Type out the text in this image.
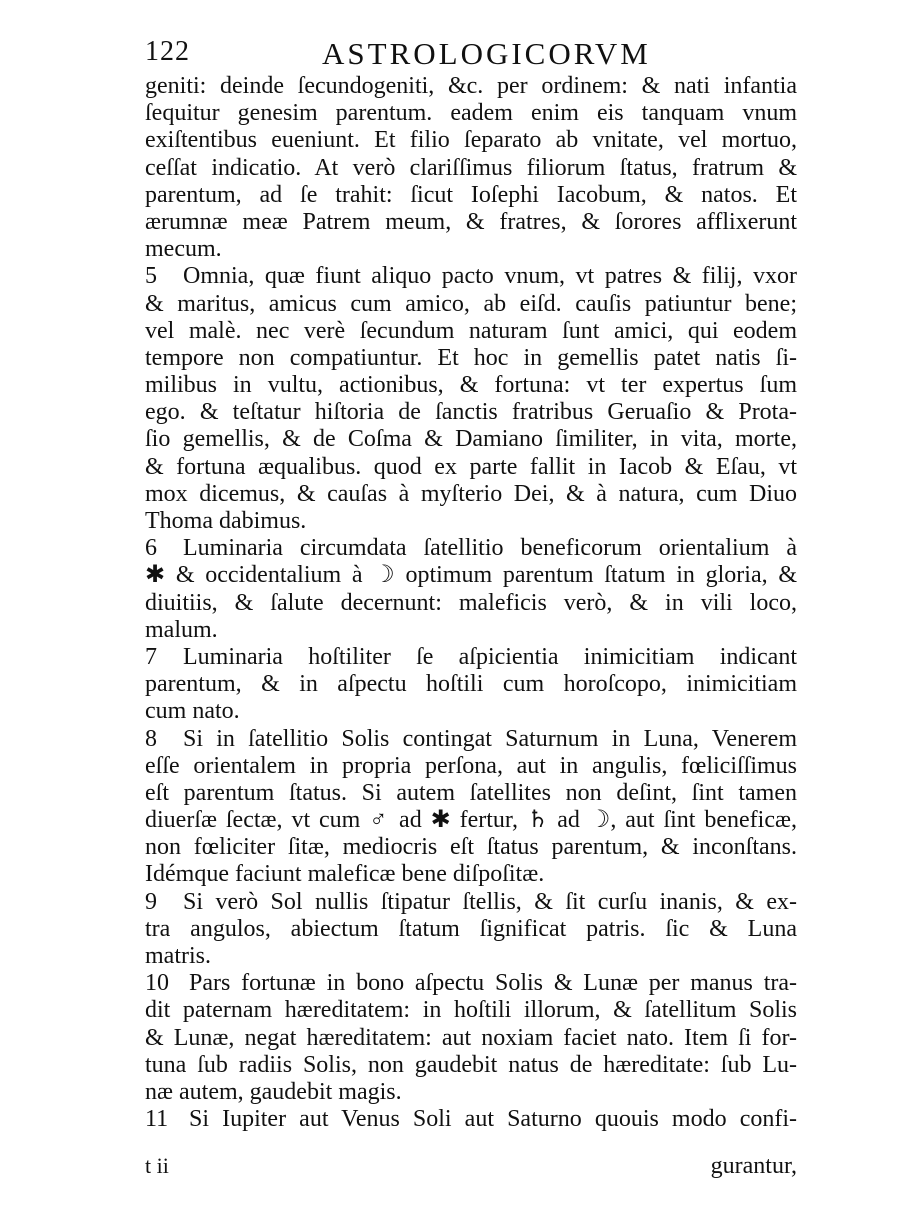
122	ASTROLOGICORVM
geniti: deinde ſecundogeniti, &c. per ordinem: & nati infantia
ſequitur genesim parentum. eadem enim eis tanquam vnum
exiſtentibus eueniunt. Et filio ſeparato ab vnitate, vel mortuo,
ceſſat indicatio. At verò clariſſimus filiorum ſtatus, fratrum &
parentum, ad ſe trahit: ſicut Ioſephi Iacobum, & natos. Et
ærumnæ meæ Patrem meum, & fratres, & ſorores afflixerunt
mecum.
5 Omnia, quæ fiunt aliquo pacto vnum, vt patres & filij, vxor
& maritus, amicus cum amico, ab eiſd. cauſis patiuntur bene;
vel malè. nec verè ſecundum naturam ſunt amici, qui eodem
tempore non compatiuntur. Et hoc in gemellis patet natis ſi-
milibus in vultu, actionibus, & fortuna: vt ter expertus ſum
ego. & teſtatur hiſtoria de ſanctis fratribus Geruaſio & Prota-
ſio gemellis, & de Coſma & Damiano ſimiliter, in vita, morte,
& fortuna æqualibus. quod ex parte fallit in Iacob & Eſau, vt
mox dicemus, & cauſas à myſterio Dei, & à natura, cum Diuo
Thoma dabimus.
6 Luminaria circumdata ſatellitio beneficorum orientalium à
✱ & occidentalium à ☽ optimum parentum ſtatum in gloria, &
diuitiis, & ſalute decernunt: maleficis verò, & in vili loco,
malum.
7 Luminaria hoſtiliter ſe aſpicientia inimicitiam indicant
parentum, & in aſpectu hoſtili cum horoſcopo, inimicitiam
cum nato.
8 Si in ſatellitio Solis contingat Saturnum in Luna, Venerem
eſſe orientalem in propria perſona, aut in angulis, fœliciſſimus
eſt parentum ſtatus. Si autem ſatellites non deſint, ſint tamen
diuerſæ ſectæ, vt cum ♂ ad ✱ fertur, ♄ ad ☽, aut ſint beneficæ,
non fœliciter ſitæ, mediocris eſt ſtatus parentum, & inconſtans.
Idémque faciunt maleficæ bene diſpoſitæ.
9 Si verò Sol nullis ſtipatur ſtellis, & ſit curſu inanis, & ex-
tra angulos, abiectum ſtatum ſignificat patris. ſic & Luna
matris.
10 Pars fortunæ in bono aſpectu Solis & Lunæ per manus tra-
dit paternam hæreditatem: in hoſtili illorum, & ſatellitum Solis
& Lunæ, negat hæreditatem: aut noxiam faciet nato. Item ſi for-
tuna ſub radiis Solis, non gaudebit natus de hæreditate: ſub Lu-
næ autem, gaudebit magis.
11 Si Iupiter aut Venus Soli aut Saturno quouis modo confi-
t ii	gurantur,
